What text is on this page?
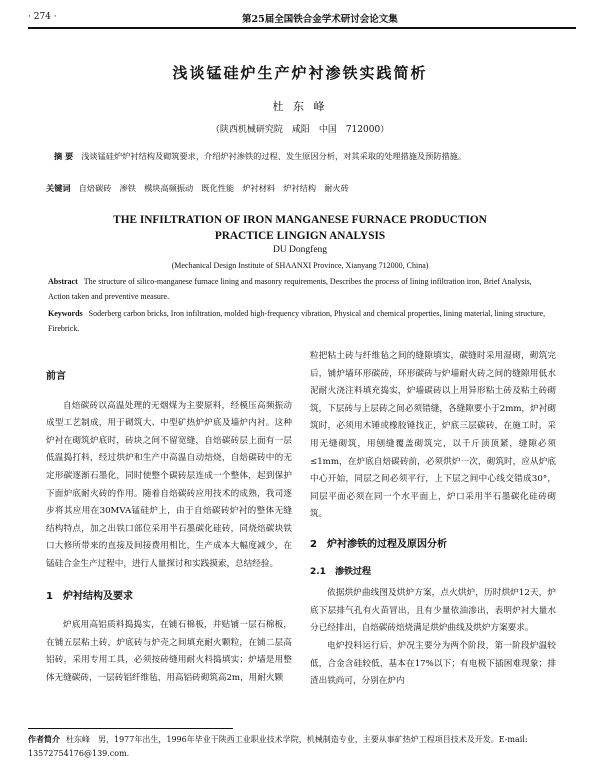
· 274 ·	第25届全国铁合金学术研讨会论文集
浅谈锰硅炉生产炉衬渗铁实践简析
杜 东 峰
（陕西机械研究院　咸阳　中国　712000）
摘 要 浅谈锰硅炉炉衬结构及砌筑要求，介绍炉衬渗铁的过程、发生原因分析，对其采取的处理措施及预防措施。
关键词 自焙碳砖　渗铁　模块高频振动　既化性能　炉衬材料　炉衬结构　耐火砖
THE INFILTRATION OF IRON MANGANESE FURNACE PRODUCTION
PRACTICE LINGIGN ANALYSIS
DU Dongfeng
(Mechanical Design Institute of SHAANXI Province, Xianyang 712000, China)
Abstract The structure of silico-manganese furnace lining and masonry requirements, Describes the process of lining infiltration iron, Brief Analysis, Action taken and preventive measure.
Keywords Soderberg carbon bricks, Iron infiltration, molded high-frequency vibration, Physical and chemical properties, lining material, lining structure, Firebrick.
前言

自焙碳砖以高温处理的无烟煤为主要原料，经模压高频振动成型工艺制成，用于砌筑大、中型矿热炉炉底及墙炉内衬。这种炉衬在砌筑炉底时，砖块之间不留宽缝，自焙碳砖层上面有一层低温捣打料，经过烘炉和生产中高温自动焙烧，自焙碳砖中的无定形碳逐渐石墨化，同时使整个碳砖层连成一个整体，起到保护下面炉底耐火砖的作用。随着自焙碳砖应用技术的成熟，我司逐步将其应用在30MVA锰硅炉上，由于自焙碳砖炉衬的整体无缝结构特点，加之出铁口部位采用半石墨碳化硅砖，同烧焙碳块铁口大修所带来的直接及间接费用相比，生产成本大幅度减少，在锰硅合金生产过程中，进行人量探讨和实践摸索，总结经验。

1　炉衬结构及要求

炉底用高铝质料捣捣实，在铺石棉板，并贴铺一层石棉板，在铺五层粘土砖，炉底砖与炉壳之间填充耐火颗粒，在铺二层高铝砖，采用专用工具，必须按砖缝用耐火料捣填实；炉墙是用整体无缝碳砖，一层砖铝纤维毡，用高铝砖砌筑高2m，用耐火颗

粒把粘土砖与纤维毡之间的缝隙填实，碳缝时采用湿砌，砌筑完后，铺炉墙环形碳砖，环形碳砖与炉墙耐火砖之间的缝隙用低水泥耐火浇注料填充捣实，炉墙碳砖以上用异形粘土砖及粘土砖砌筑，下层砖与上层砖之间必须错缝，各缝隙要小于2mm，炉衬砌筑时，必须用木锤或橡胶锤找正，炉底三层碳砖，在施工时，采用无缝砌筑，用刨缝覆盖砌筑完，以千斤顶顶紧，缝隙必须≤1mm，在炉底自焙碳砖前，必须烘炉一次，砌筑时，应从炉底中心开始，同层之间必须平行，上下层之间中心线交错成30°，同层平面必须在同一个水平面上，炉口采用半石墨碳化硅砖砌筑。

2　炉衬渗铁的过程及原因分析
2.1　渗铁过程

依据烘炉曲线图及烘炉方案，点火烘炉，历时烘炉12天，炉底下层排气孔有火苗冒出，且有少量依油渗出，表明炉衬大量水分已经排出，自焙碳砖焙烧满足烘炉曲线及烘炉方案要求。

电炉投料运行后，炉况主要分为两个阶段，第一阶段炉温较低，合金含硅较低，基本在17%以下；有电极下插困难现象；排渣出铁尚可，分别在炉内

作者简介 杜东峰　男，1977年出生，1996年毕业于陕西工业职业技术学院，机械制造专业，主要从事矿热炉工程项目技术及开发。E-mail: 13572754176@139.com.
